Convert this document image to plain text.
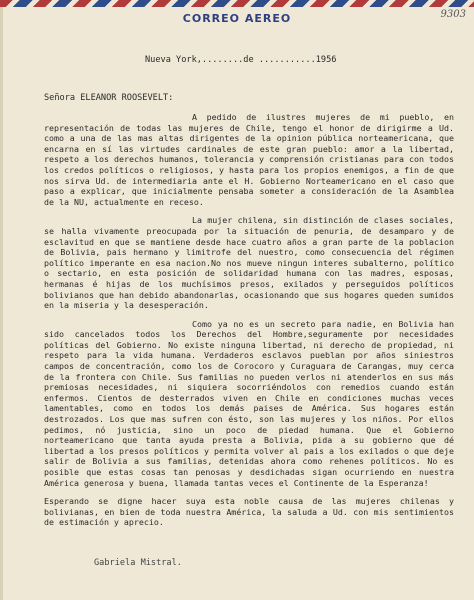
CORREO AEREO	9303
Nueva York,........de ...........1956
Señora ELEANOR ROOSEVELT:

A pedido de ilustres mujeres de mi pueblo, en representación de todas las mujeres de Chile, tengo el honor de dirigirme a Ud. como a una de las mas altas dirigentes de la opinion pública norteamericana, que encarna en sí las virtudes cardinales de este gran pueblo: amor a la libertad, respeto a los derechos humanos, tolerancia y comprensión cristianas para con todos los credos políticos o religiosos, y hasta para los propios enemigos, a fin de que nos sirva Ud. de intermediaria ante el H. Gobierno Norteamericano en el caso que paso a explicar, que inicialmente pensaba someter a consideración de la Asamblea de la NU, actualmente en receso.

La mujer chilena, sin distinción de clases sociales, se halla vivamente preocupada por la situación de penuria, de desamparo y de esclavitud en que se mantiene desde hace cuatro años a gran parte de la poblacion de Bolivia, pais hermano y limitrofe del nuestro, como consecuencia del régimen político imperante en esa nacion.No nos mueve ningun interes subalterno, político o sectario, en esta posición de solidaridad humana con las madres, esposas, hermanas é hijas de los muchísimos presos, exilados y perseguidos políticos bolivianos que han debido abandonarlas, ocasionando que sus hogares queden sumidos en la miseria y la desesperación.

Como ya no es un secreto para nadie, en Bolivia han sido cancelados todos los Derechos del Hombre,seguramente por necesidades políticas del Gobierno. No existe ninguna libertad, ni derecho de propiedad, ni respeto para la vida humana. Verdaderos esclavos pueblan por años siniestros campos de concentración, como los de Corocoro y Curaguara de Carangas, muy cerca de la frontera con Chile. Sus familias no pueden verlos ni atenderlos en sus más premiosas necesidades, ni siquiera socorriéndolos con remedios cuando están enfermos. Cientos de desterrados viven en Chile en condiciones muchas veces lamentables, como en todos los demás paises de América. Sus hogares están destrozados. Los que mas sufren con ésto, son las mujeres y los niños. Por ellos pedimos, nó justicia, sino un poco de piedad humana. Que el Gobierno norteamericano que tanta ayuda presta a Bolivia, pida a su gobierno que dé libertad a los presos políticos y permita volver al pais a los exilados o que deje salir de Bolivia a sus familias, detenidas ahora como rehenes políticos. No es posible que estas cosas tan penosas y desdichadas sigan ocurriendo en nuestra América generosa y buena, llamada tantas veces el Continente de la Esperanza!

Esperando se digne hacer suya esta noble causa de las mujeres chilenas y bolivianas, en bien de toda nuestra América, la saluda a Ud. con mis sentimientos de estimación y aprecio.

Gabriela Mistral.
